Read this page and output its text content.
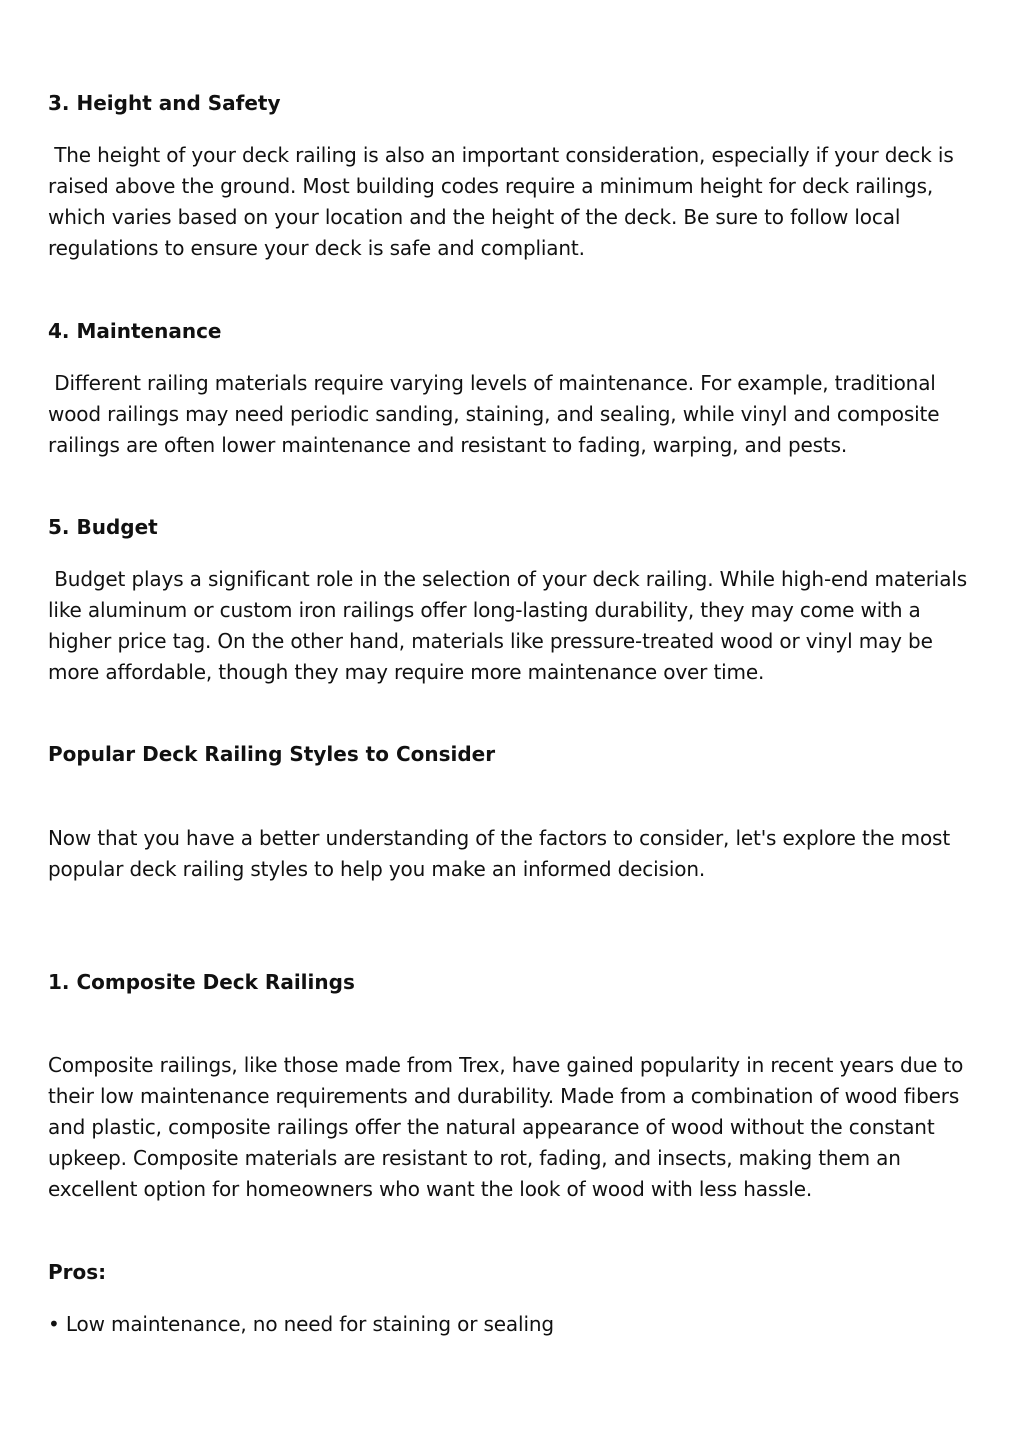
3. Height and Safety

The height of your deck railing is also an important consideration, especially if your deck is raised above the ground. Most building codes require a minimum height for deck railings, which varies based on your location and the height of the deck. Be sure to follow local regulations to ensure your deck is safe and compliant.

4. Maintenance

Different railing materials require varying levels of maintenance. For example, traditional wood railings may need periodic sanding, staining, and sealing, while vinyl and composite railings are often lower maintenance and resistant to fading, warping, and pests.

5. Budget

Budget plays a significant role in the selection of your deck railing. While high-end materials like aluminum or custom iron railings offer long-lasting durability, they may come with a higher price tag. On the other hand, materials like pressure-treated wood or vinyl may be more affordable, though they may require more maintenance over time.

Popular Deck Railing Styles to Consider

Now that you have a better understanding of the factors to consider, let's explore the most popular deck railing styles to help you make an informed decision.

1. Composite Deck Railings

Composite railings, like those made from Trex, have gained popularity in recent years due to their low maintenance requirements and durability. Made from a combination of wood fibers and plastic, composite railings offer the natural appearance of wood without the constant upkeep. Composite materials are resistant to rot, fading, and insects, making them an excellent option for homeowners who want the look of wood with less hassle.

Pros:

• Low maintenance, no need for staining or sealing
